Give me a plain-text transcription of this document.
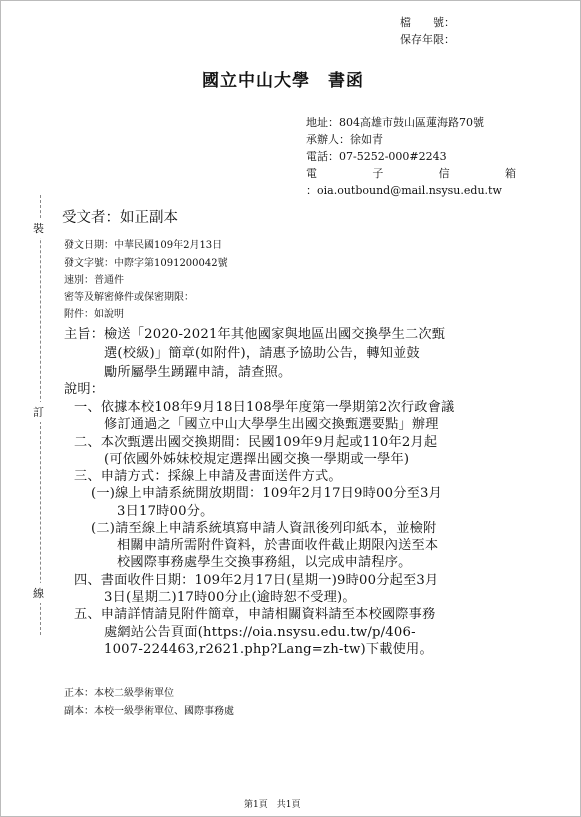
檔　　號：
保存年限：
國立中山大學　書函
地址：804高雄市鼓山區蓮海路70號
承辦人：徐如青
電話：07-5252-000#2243
電	子	信	箱
：oia.outbound@mail.nsysu.edu.tw
裝
訂
線
受文者：如正副本
發文日期：中華民國109年2月13日
發文字號：中際字第1091200042號
速別：普通件
密等及解密條件或保密期限：
附件：如說明
主旨： 檢送「2020-2021年其他國家與地區出國交換學生二次甄
選(校級)」簡章(如附件)，請惠予協助公告，轉知並鼓
勵所屬學生踴躍申請，請查照。
說明：
一、依據本校108年9月18日108學年度第一學期第2次行政會議
修訂通過之「國立中山大學學生出國交換甄選要點」辦理
二、本次甄選出國交換期間：民國109年9月起或110年2月起
(可依國外姊妹校規定選擇出國交換一學期或一學年)
三、申請方式：採線上申請及書面送件方式。
(一)線上申請系統開放期間：109年2月17日9時00分至3月
3日17時00分。
(二)請至線上申請系統填寫申請人資訊後列印紙本，並檢附
相關申請所需附件資料，於書面收件截止期限內送至本
校國際事務處學生交換事務組，以完成申請程序。
四、書面收件日期：109年2月17日(星期一)9時00分起至3月
3日(星期二)17時00分止(逾時恕不受理)。
五、申請詳情請見附件簡章，申請相關資料請至本校國際事務
處網站公告頁面(https://oia.nsysu.edu.tw/p/406-
1007-224463,r2621.php?Lang=zh-tw)下載使用。
正本：本校二級學術單位
副本：本校一級學術單位、國際事務處
第1頁　共1頁
